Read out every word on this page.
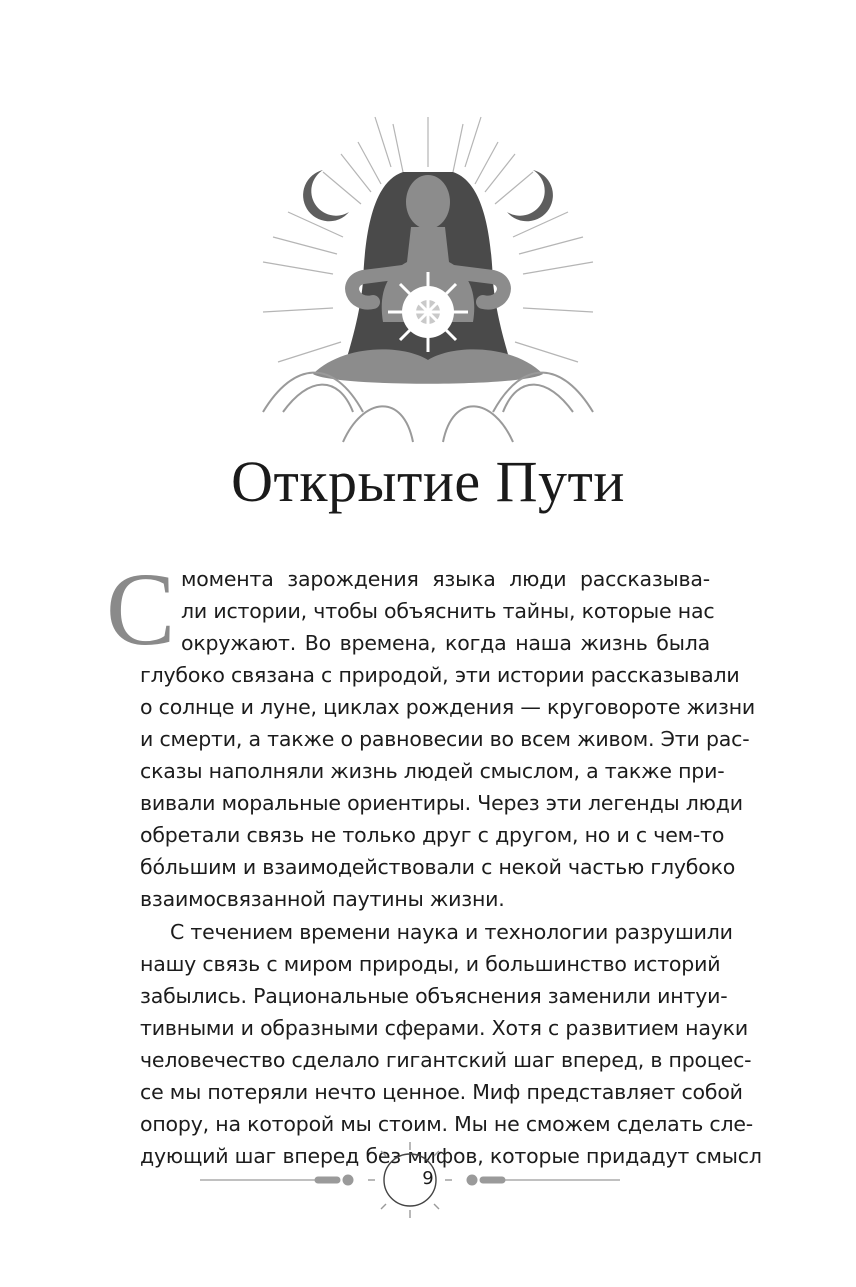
Открытие Пути
С момента зарождения языка люди рассказыва-
ли истории, чтобы объяснить тайны, которые нас
окружают. Во времена, когда наша жизнь была
глубоко связана с природой, эти истории рассказывали
о солнце и луне, циклах рождения — круговороте жизни
и смерти, а также о равновесии во всем живом. Эти рас-
сказы наполняли жизнь людей смыслом, а также при-
вивали моральные ориентиры. Через эти легенды люди
обретали связь не только друг с другом, но и с чем-то
бóльшим и взаимодействовали с некой частью глубоко
взаимосвязанной паутины жизни.
С течением времени наука и технологии разрушили
нашу связь с миром природы, и большинство историй
забылись. Рациональные объяснения заменили интуи-
тивными и образными сферами. Хотя с развитием науки
человечество сделало гигантский шаг вперед, в процес-
се мы потеряли нечто ценное. Миф представляет собой
опору, на которой мы стоим. Мы не сможем сделать сле-
дующий шаг вперед без мифов, которые придадут смысл
9
